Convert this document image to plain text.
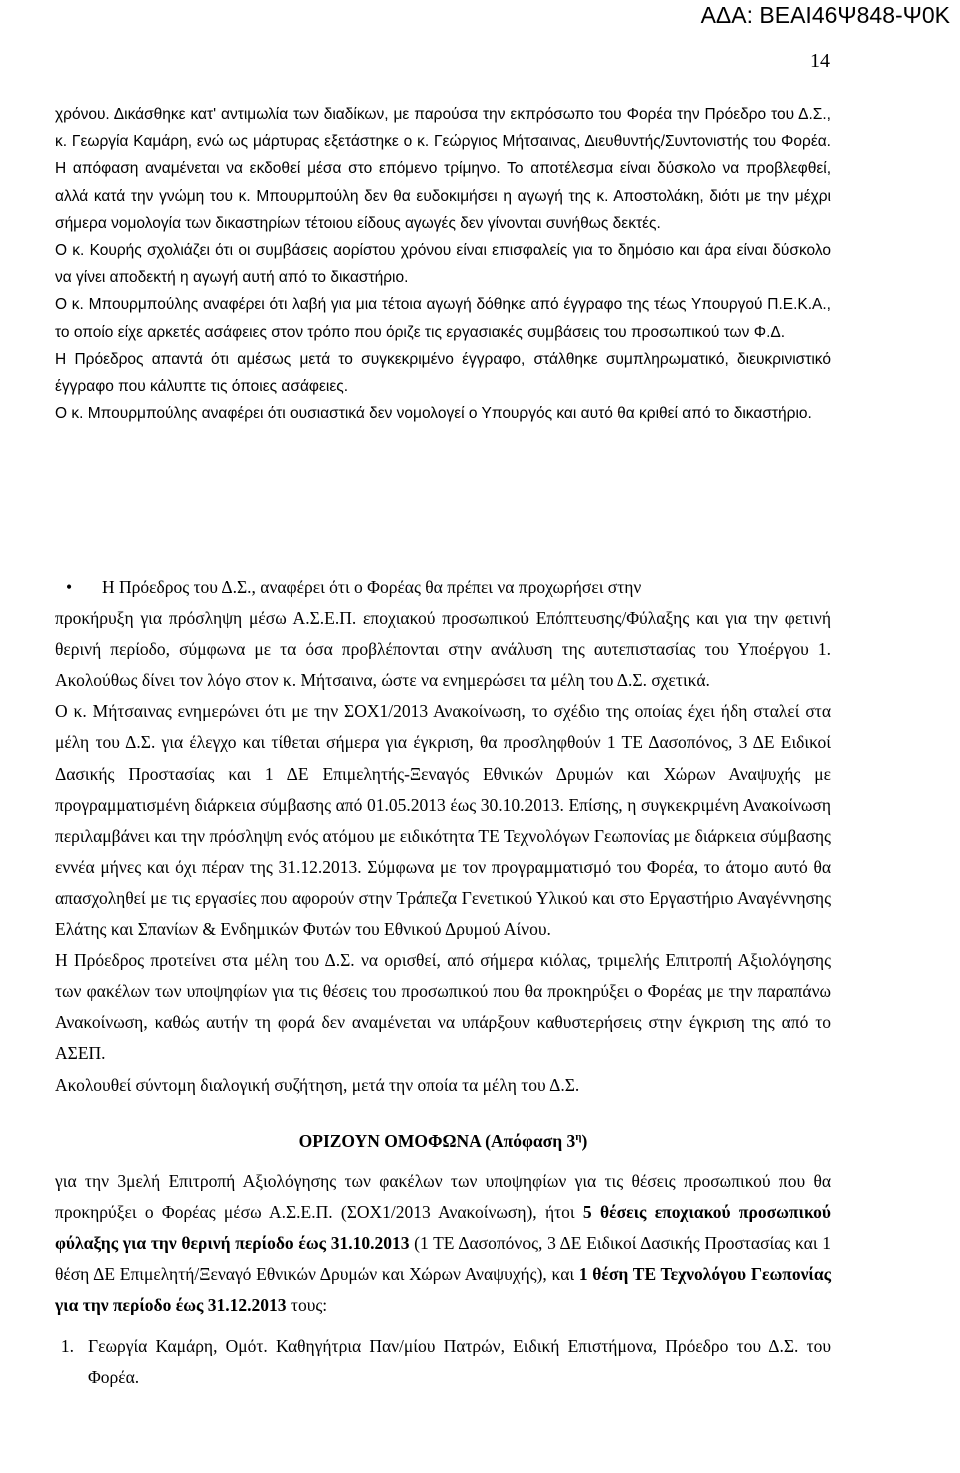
ΑΔΑ: ΒΕΑΙ46Ψ848-Ψ0Κ
14

χρόνου. Δικάσθηκε κατ' αντιμωλία των διαδίκων, με παρούσα την εκπρόσωπο του Φορέα την Πρόεδρο του Δ.Σ., κ. Γεωργία Καμάρη, ενώ ως μάρτυρας εξετάστηκε ο κ. Γεώργιος Μήτσαινας, Διευθυντής/Συντονιστής του Φορέα. Η απόφαση αναμένεται να εκδοθεί μέσα στο επόμενο τρίμηνο. Το αποτέλεσμα είναι δύσκολο να προβλεφθεί, αλλά κατά την γνώμη του κ. Μπουρμπούλη δεν θα ευδοκιμήσει η αγωγή της κ. Αποστολάκη, διότι με την μέχρι σήμερα νομολογία των δικαστηρίων τέτοιου είδους αγωγές δεν γίνονται συνήθως δεκτές.

Ο κ. Κουρής σχολιάζει ότι οι συμβάσεις αορίστου χρόνου είναι επισφαλείς για το δημόσιο και άρα είναι δύσκολο να γίνει αποδεκτή η αγωγή αυτή από το δικαστήριο.

Ο κ. Μπουρμπούλης αναφέρει ότι λαβή για μια τέτοια αγωγή δόθηκε από έγγραφο της τέως Υπουργού Π.Ε.Κ.Α., το οποίο είχε αρκετές ασάφειες στον τρόπο που όριζε τις εργασιακές συμβάσεις του προσωπικού των Φ.Δ.

Η Πρόεδρος απαντά ότι αμέσως μετά το συγκεκριμένο έγγραφο, στάλθηκε συμπληρωματικό, διευκρινιστικό έγγραφο που κάλυπτε τις όποιες ασάφειες.

Ο κ. Μπουρμπούλης αναφέρει ότι ουσιαστικά δεν νομολογεί ο Υπουργός και αυτό θα κριθεί από το δικαστήριο.

•	Η Πρόεδρος του Δ.Σ., αναφέρει ότι ο Φορέας θα πρέπει να προχωρήσει στην

προκήρυξη για πρόσληψη μέσω Α.Σ.Ε.Π. εποχιακού προσωπικού Επόπτευσης/Φύλαξης και για την φετινή θερινή περίοδο, σύμφωνα με τα όσα προβλέπονται στην ανάλυση της αυτεπιστασίας του Υποέργου 1. Ακολούθως δίνει τον λόγο στον κ. Μήτσαινα, ώστε να ενημερώσει τα μέλη του Δ.Σ. σχετικά.

Ο κ. Μήτσαινας ενημερώνει ότι με την ΣΟΧ1/2013 Ανακοίνωση, το σχέδιο της οποίας έχει ήδη σταλεί στα μέλη του Δ.Σ. για έλεγχο και τίθεται σήμερα για έγκριση, θα προσληφθούν 1 ΤΕ Δασοπόνος, 3 ΔΕ Ειδικοί Δασικής Προστασίας και 1 ΔΕ Επιμελητής-Ξεναγός Εθνικών Δρυμών και Χώρων Αναψυχής με προγραμματισμένη διάρκεια σύμβασης από 01.05.2013 έως 30.10.2013. Επίσης, η συγκεκριμένη Ανακοίνωση περιλαμβάνει και την πρόσληψη ενός ατόμου με ειδικότητα ΤΕ Τεχνολόγων Γεωπονίας με διάρκεια σύμβασης εννέα μήνες και όχι πέραν της 31.12.2013. Σύμφωνα με τον προγραμματισμό του Φορέα, το άτομο αυτό θα απασχοληθεί με τις εργασίες που αφορούν στην Τράπεζα Γενετικού Υλικού και στο Εργαστήριο Αναγέννησης Ελάτης και Σπανίων & Ενδημικών Φυτών του Εθνικού Δρυμού Αίνου.

Η Πρόεδρος προτείνει στα μέλη του Δ.Σ. να ορισθεί, από σήμερα κιόλας, τριμελής Επιτροπή Αξιολόγησης των φακέλων των υποψηφίων για τις θέσεις του προσωπικού που θα προκηρύξει ο Φορέας με την παραπάνω Ανακοίνωση, καθώς αυτήν τη φορά δεν αναμένεται να υπάρξουν καθυστερήσεις στην έγκριση της από το ΑΣΕΠ.

Ακολουθεί σύντομη διαλογική συζήτηση, μετά την οποία τα μέλη του Δ.Σ.

ΟΡΙΖΟΥΝ ΟΜΟΦΩΝΑ (Απόφαση $3^\eta$)

για την 3μελή Επιτροπή Αξιολόγησης των φακέλων των υποψηφίων για τις θέσεις προσωπικού που θα προκηρύξει ο Φορέας μέσω Α.Σ.Ε.Π. (ΣΟΧ1/2013 Ανακοίνωση), ήτοι 5 θέσεις εποχιακού προσωπικού φύλαξης για την θερινή περίοδο έως 31.10.2013 (1 ΤΕ Δασοπόνος, 3 ΔΕ Ειδικοί Δασικής Προστασίας και 1 θέση ΔΕ Επιμελητή/Ξεναγό Εθνικών Δρυμών και Χώρων Αναψυχής), και 1 θέση ΤΕ Τεχνολόγου Γεωπονίας για την περίοδο έως 31.12.2013 τους:

1. Γεωργία Καμάρη, Ομότ. Καθηγήτρια Παν/μίου Πατρών, Ειδική Επιστήμονα, Πρόεδρο του Δ.Σ. του Φορέα.
